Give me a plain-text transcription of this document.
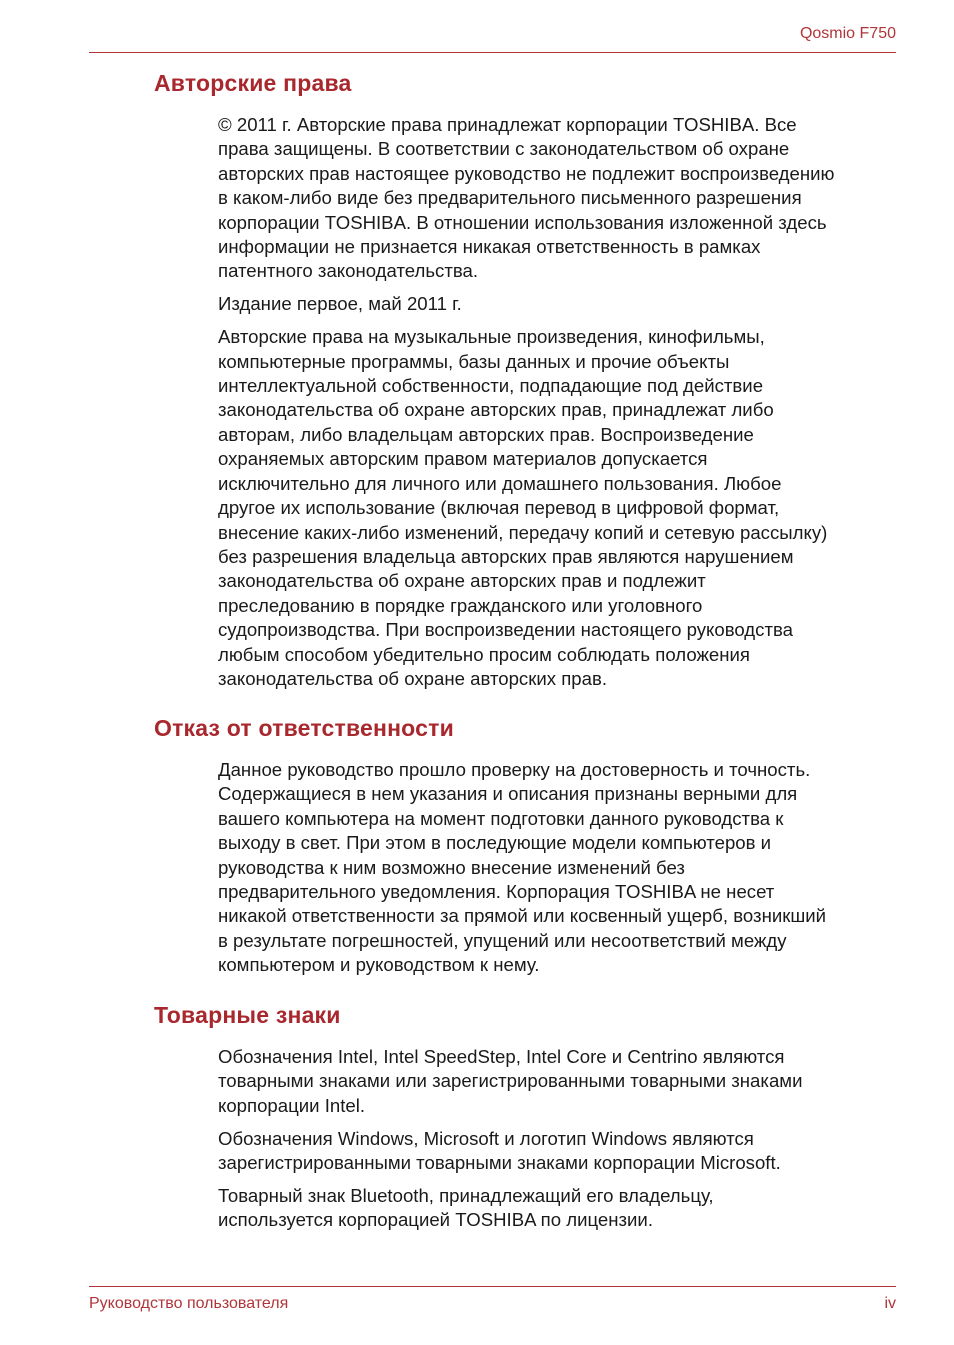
Qosmio F750
Авторские права

© 2011 г. Авторские права принадлежат корпорации TOSHIBA. Все
права защищены. В соответствии с законодательством об охране
авторских прав настоящее руководство не подлежит воспроизведению
в каком-либо виде без предварительного письменного разрешения
корпорации TOSHIBA. В отношении использования изложенной здесь
информации не признается никакая ответственность в рамках
патентного законодательства.

Издание первое, май 2011 г.

Авторские права на музыкальные произведения, кинофильмы,
компьютерные программы, базы данных и прочие объекты
интеллектуальной собственности, подпадающие под действие
законодательства об охране авторских прав, принадлежат либо
авторам, либо владельцам авторских прав. Воспроизведение
охраняемых авторским правом материалов допускается
исключительно для личного или домашнего пользования. Любое
другое их использование (включая перевод в цифровой формат,
внесение каких-либо изменений, передачу копий и сетевую рассылку)
без разрешения владельца авторских прав являются нарушением
законодательства об охране авторских прав и подлежит
преследованию в порядке гражданского или уголовного
судопроизводства. При воспроизведении настоящего руководства
любым способом убедительно просим соблюдать положения
законодательства об охране авторских прав.

Отказ от ответственности

Данное руководство прошло проверку на достоверность и точность.
Содержащиеся в нем указания и описания признаны верными для
вашего компьютера на момент подготовки данного руководства к
выходу в свет. При этом в последующие модели компьютеров и
руководства к ним возможно внесение изменений без
предварительного уведомления. Корпорация TOSHIBA не несет
никакой ответственности за прямой или косвенный ущерб, возникший
в результате погрешностей, упущений или несоответствий между
компьютером и руководством к нему.

Товарные знаки

Обозначения Intel, Intel SpeedStep, Intel Core и Centrino являются
товарными знаками или зарегистрированными товарными знаками
корпорации Intel.

Обозначения Windows, Microsoft и логотип Windows являются
зарегистрированными товарными знаками корпорации Microsoft.

Товарный знак Bluetooth, принадлежащий его владельцу,
используется корпорацией TOSHIBA по лицензии.

Руководство пользователя	iv
